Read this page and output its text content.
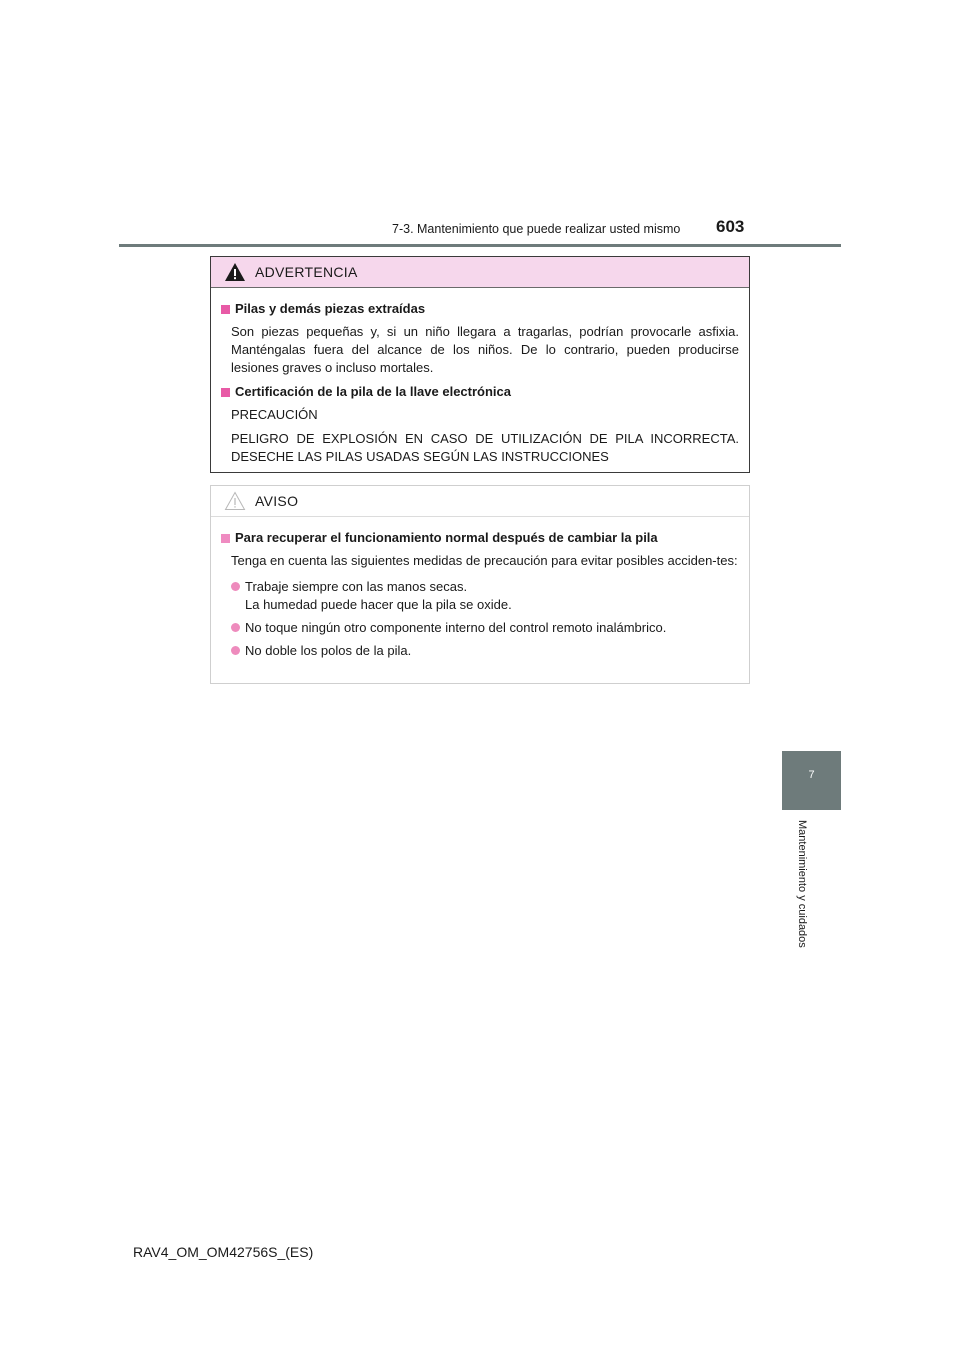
7-3. Mantenimiento que puede realizar usted mismo 603
7
Mantenimiento y cuidados
ADVERTENCIA
Pilas y demás piezas extraídas
Son piezas pequeñas y, si un niño llegara a tragarlas, podrían provocarle asfixia. Manténgalas fuera del alcance de los niños. De lo contrario, pueden producirse lesiones graves o incluso mortales.
Certificación de la pila de la llave electrónica
PRECAUCIÓN
PELIGRO DE EXPLOSIÓN EN CASO DE UTILIZACIÓN DE PILA INCORRECTA. DESECHE LAS PILAS USADAS SEGÚN LAS INSTRUCCIONES
AVISO
Para recuperar el funcionamiento normal después de cambiar la pila
Tenga en cuenta las siguientes medidas de precaución para evitar posibles acciden-tes:
Trabaje siempre con las manos secas.
La humedad puede hacer que la pila se oxide.
No toque ningún otro componente interno del control remoto inalámbrico.
No doble los polos de la pila.
RAV4_OM_OM42756S_(ES)
